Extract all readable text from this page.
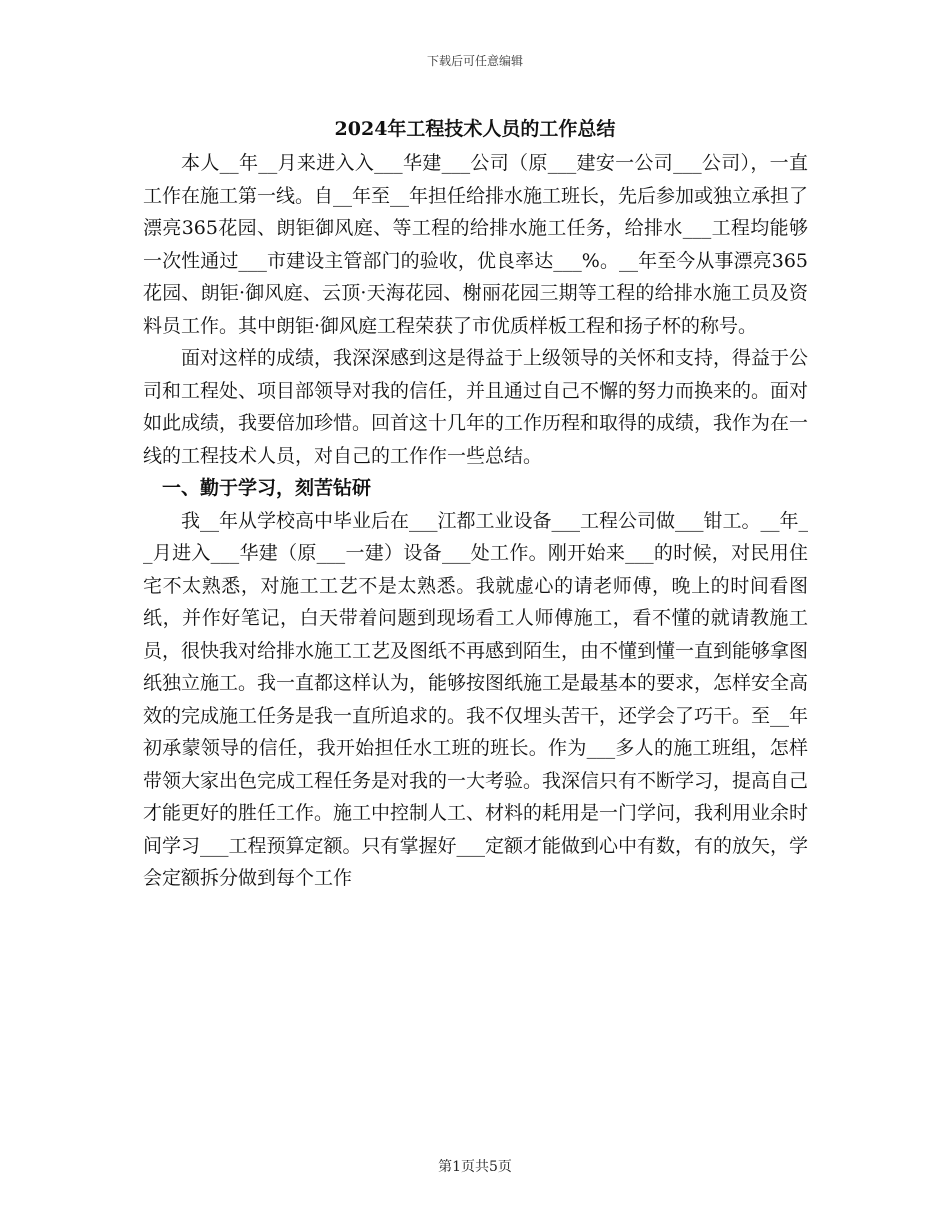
下载后可任意编辑
2024年工程技术人员的工作总结

本人__年__月来进入入___华建___公司（原___建安一公司___公司），一直工作在施工第一线。自__年至__年担任给排水施工班长，先后参加或独立承担了漂亮365花园、朗钜御风庭、等工程的给排水施工任务，给排水___工程均能够一次性通过___市建设主管部门的验收，优良率达___%。__年至今从事漂亮365花园、朗钜·御风庭、云顶·天海花园、榭丽花园三期等工程的给排水施工员及资料员工作。其中朗钜·御风庭工程荣获了市优质样板工程和扬子杯的称号。

面对这样的成绩，我深深感到这是得益于上级领导的关怀和支持，得益于公司和工程处、项目部领导对我的信任，并且通过自己不懈的努力而换来的。面对如此成绩，我要倍加珍惜。回首这十几年的工作历程和取得的成绩，我作为在一线的工程技术人员，对自己的工作作一些总结。

一、勤于学习，刻苦钻研

我__年从学校高中毕业后在___江都工业设备___工程公司做___钳工。__年__月进入___华建（原___一建）设备___处工作。刚开始来___的时候，对民用住宅不太熟悉，对施工工艺不是太熟悉。我就虚心的请老师傅，晚上的时间看图纸，并作好笔记，白天带着问题到现场看工人师傅施工，看不懂的就请教施工员，很快我对给排水施工工艺及图纸不再感到陌生，由不懂到懂一直到能够拿图纸独立施工。我一直都这样认为，能够按图纸施工是最基本的要求，怎样安全高效的完成施工任务是我一直所追求的。我不仅埋头苦干，还学会了巧干。至__年初承蒙领导的信任，我开始担任水工班的班长。作为___多人的施工班组，怎样带领大家出色完成工程任务是对我的一大考验。我深信只有不断学习，提高自己才能更好的胜任工作。施工中控制人工、材料的耗用是一门学问，我利用业余时间学习___工程预算定额。只有掌握好___定额才能做到心中有数，有的放矢，学会定额拆分做到每个工作

第1页共5页
